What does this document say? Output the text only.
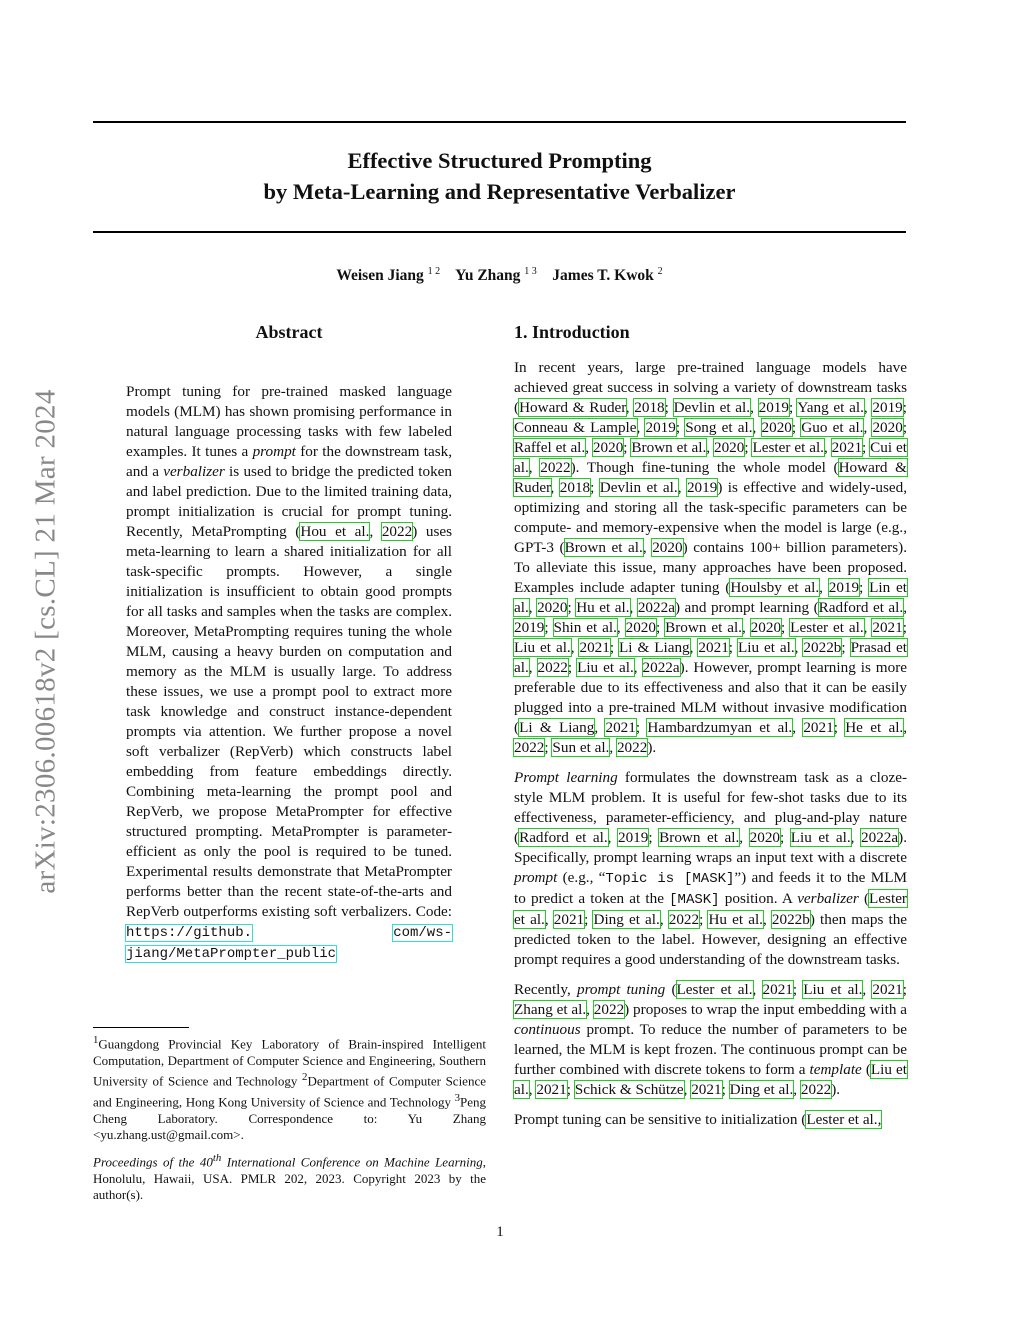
arXiv:2306.00618v2 [cs.CL] 21 Mar 2024
Effective Structured Prompting
by Meta-Learning and Representative Verbalizer
Weisen Jiang $^{1 2}$ Yu Zhang $^{1 3}$ James T. Kwok $^2$
Abstract

Prompt tuning for pre-trained masked language models (MLM) has shown promising performance in natural language processing tasks with few labeled examples. It tunes a prompt for the downstream task, and a verbalizer is used to bridge the predicted token and label prediction. Due to the limited training data, prompt initialization is crucial for prompt tuning. Recently, MetaPrompting (Hou et al., 2022) uses meta-learning to learn a shared initialization for all task-specific prompts. However, a single initialization is insufficient to obtain good prompts for all tasks and samples when the tasks are complex. Moreover, MetaPrompting requires tuning the whole MLM, causing a heavy burden on computation and memory as the MLM is usually large. To address these issues, we use a prompt pool to extract more task knowledge and construct instance-dependent prompts via attention. We further propose a novel soft verbalizer (RepVerb) which constructs label embedding from feature embeddings directly. Combining meta-learning the prompt pool and RepVerb, we propose MetaPrompter for effective structured prompting. MetaPrompter is parameter-efficient as only the pool is required to be tuned. Experimental results demonstrate that MetaPrompter performs better than the recent state-of-the-arts and RepVerb outperforms existing soft verbalizers. Code: https://github.	com/ws-jiang/MetaPrompter_public

$^1$Guangdong Provincial Key Laboratory of Brain-inspired Intelligent Computation, Department of Computer Science and Engineering, Southern University of Science and Technology $^2$Department of Computer Science and Engineering, Hong Kong University of Science and Technology $^3$Peng Cheng Laboratory. Correspondence to: Yu Zhang <yu.zhang.ust@gmail.com>.

Proceedings of the 40th International Conference on Machine Learning, Honolulu, Hawaii, USA. PMLR 202, 2023. Copyright 2023 by the author(s).
1. Introduction

In recent years, large pre-trained language models have achieved great success in solving a variety of downstream tasks (Howard & Ruder, 2018; Devlin et al., 2019; Yang et al., 2019; Conneau & Lample, 2019; Song et al., 2020; Guo et al., 2020; Raffel et al., 2020; Brown et al., 2020; Lester et al., 2021; Cui et al., 2022). Though fine-tuning the whole model (Howard & Ruder, 2018; Devlin et al., 2019) is effective and widely-used, optimizing and storing all the task-specific parameters can be compute- and memory-expensive when the model is large (e.g., GPT-3 (Brown et al., 2020) contains 100+ billion parameters). To alleviate this issue, many approaches have been proposed. Examples include adapter tuning (Houlsby et al., 2019; Lin et al., 2020; Hu et al., 2022a) and prompt learning (Radford et al., 2019; Shin et al., 2020; Brown et al., 2020; Lester et al., 2021; Liu et al., 2021; Li & Liang, 2021; Liu et al., 2022b; Prasad et al., 2022; Liu et al., 2022a). However, prompt learning is more preferable due to its effectiveness and also that it can be easily plugged into a pre-trained MLM without invasive modification (Li & Liang, 2021; Hambardzumyan et al., 2021; He et al., 2022; Sun et al., 2022).

Prompt learning formulates the downstream task as a cloze-style MLM problem. It is useful for few-shot tasks due to its effectiveness, parameter-efficiency, and plug-and-play nature (Radford et al., 2019; Brown et al., 2020; Liu et al., 2022a). Specifically, prompt learning wraps an input text with a discrete prompt (e.g., “Topic is [MASK]”) and feeds it to the MLM to predict a token at the [MASK] position. A verbalizer (Lester et al., 2021; Ding et al., 2022; Hu et al., 2022b) then maps the predicted token to the label. However, designing an effective prompt requires a good understanding of the downstream tasks.

Recently, prompt tuning (Lester et al., 2021; Liu et al., 2021; Zhang et al., 2022) proposes to wrap the input embedding with a continuous prompt. To reduce the number of parameters to be learned, the MLM is kept frozen. The continuous prompt can be further combined with discrete tokens to form a template (Liu et al., 2021; Schick & Schütze, 2021; Ding et al., 2022).

Prompt tuning can be sensitive to initialization (Lester et al.,

1
